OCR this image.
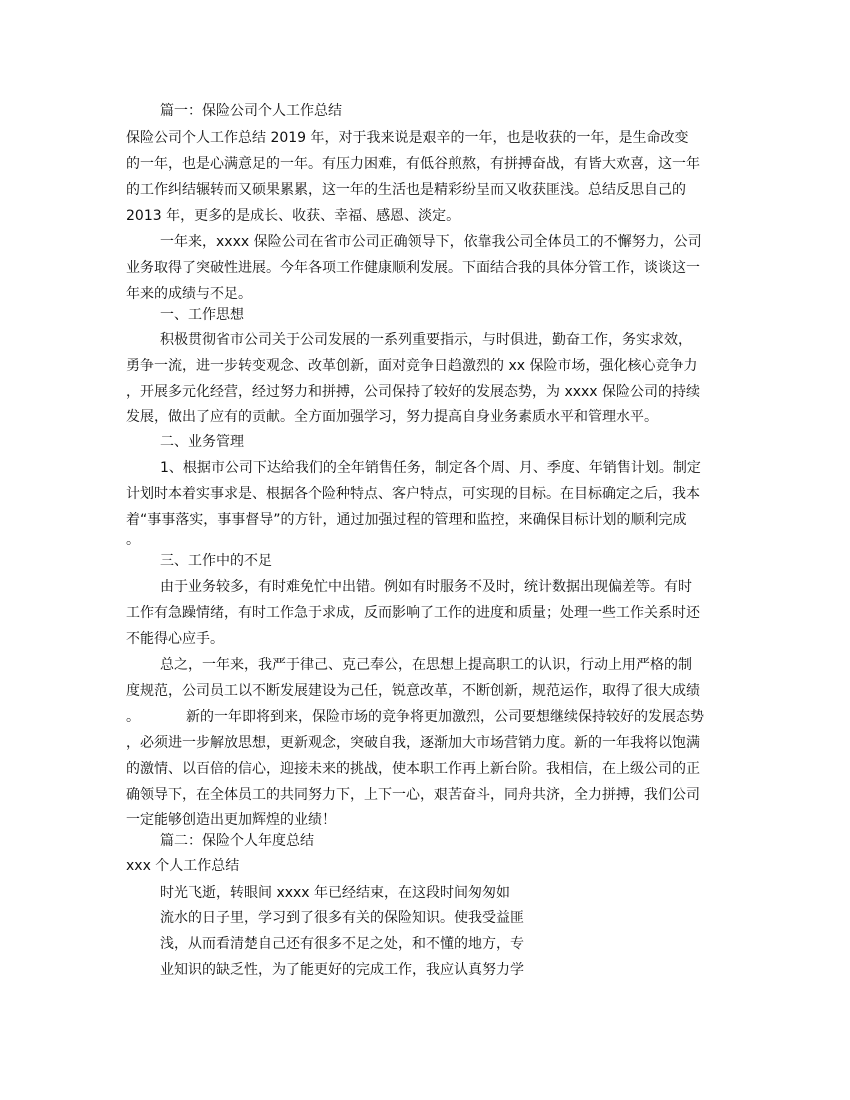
篇一：保险公司个人工作总结
保险公司个人工作总结 2019 年，对于我来说是艰辛的一年，也是收获的一年，是生命改变
的一年，也是心满意足的一年。有压力困难，有低谷煎熬，有拼搏奋战，有皆大欢喜，这一年
的工作纠结辗转而又硕果累累，这一年的生活也是精彩纷呈而又收获匪浅。总结反思自己的
2013 年，更多的是成长、收获、幸福、感恩、淡定。
一年来，xxxx 保险公司在省市公司正确领导下，依靠我公司全体员工的不懈努力，公司
业务取得了突破性进展。今年各项工作健康顺利发展。下面结合我的具体分管工作，谈谈这一
年来的成绩与不足。
一、工作思想
积极贯彻省市公司关于公司发展的一系列重要指示，与时俱进，勤奋工作，务实求效，
勇争一流，进一步转变观念、改革创新，面对竞争日趋激烈的 xx 保险市场，强化核心竞争力
，开展多元化经营，经过努力和拼搏，公司保持了较好的发展态势，为 xxxx 保险公司的持续
发展，做出了应有的贡献。全方面加强学习，努力提高自身业务素质水平和管理水平。
二、业务管理
1、根据市公司下达给我们的全年销售任务，制定各个周、月、季度、年销售计划。制定
计划时本着实事求是、根据各个险种特点、客户特点，可实现的目标。在目标确定之后，我本
着“事事落实，事事督导”的方针，通过加强过程的管理和监控，来确保目标计划的顺利完成
。
三、工作中的不足
由于业务较多，有时难免忙中出错。例如有时服务不及时，统计数据出现偏差等。有时
工作有急躁情绪，有时工作急于求成，反而影响了工作的进度和质量；处理一些工作关系时还
不能得心应手。
总之，一年来，我严于律己、克己奉公，在思想上提高职工的认识，行动上用严格的制
度规范，公司员工以不断发展建设为己任，锐意改革，不断创新，规范运作，取得了很大成绩
。	新的一年即将到来，保险市场的竞争将更加激烈，公司要想继续保持较好的发展态势
，必须进一步解放思想，更新观念，突破自我，逐渐加大市场营销力度。新的一年我将以饱满
的激情、以百倍的信心，迎接未来的挑战，使本职工作再上新台阶。我相信，在上级公司的正
确领导下，在全体员工的共同努力下，上下一心，艰苦奋斗，同舟共济，全力拼搏，我们公司
一定能够创造出更加辉煌的业绩！
篇二：保险个人年度总结
xxx 个人工作总结
时光飞逝，转眼间 xxxx 年已经结束，在这段时间匆匆如
流水的日子里，学习到了很多有关的保险知识。使我受益匪
浅，从而看清楚自己还有很多不足之处，和不懂的地方，专
业知识的缺乏性，为了能更好的完成工作，我应认真努力学
